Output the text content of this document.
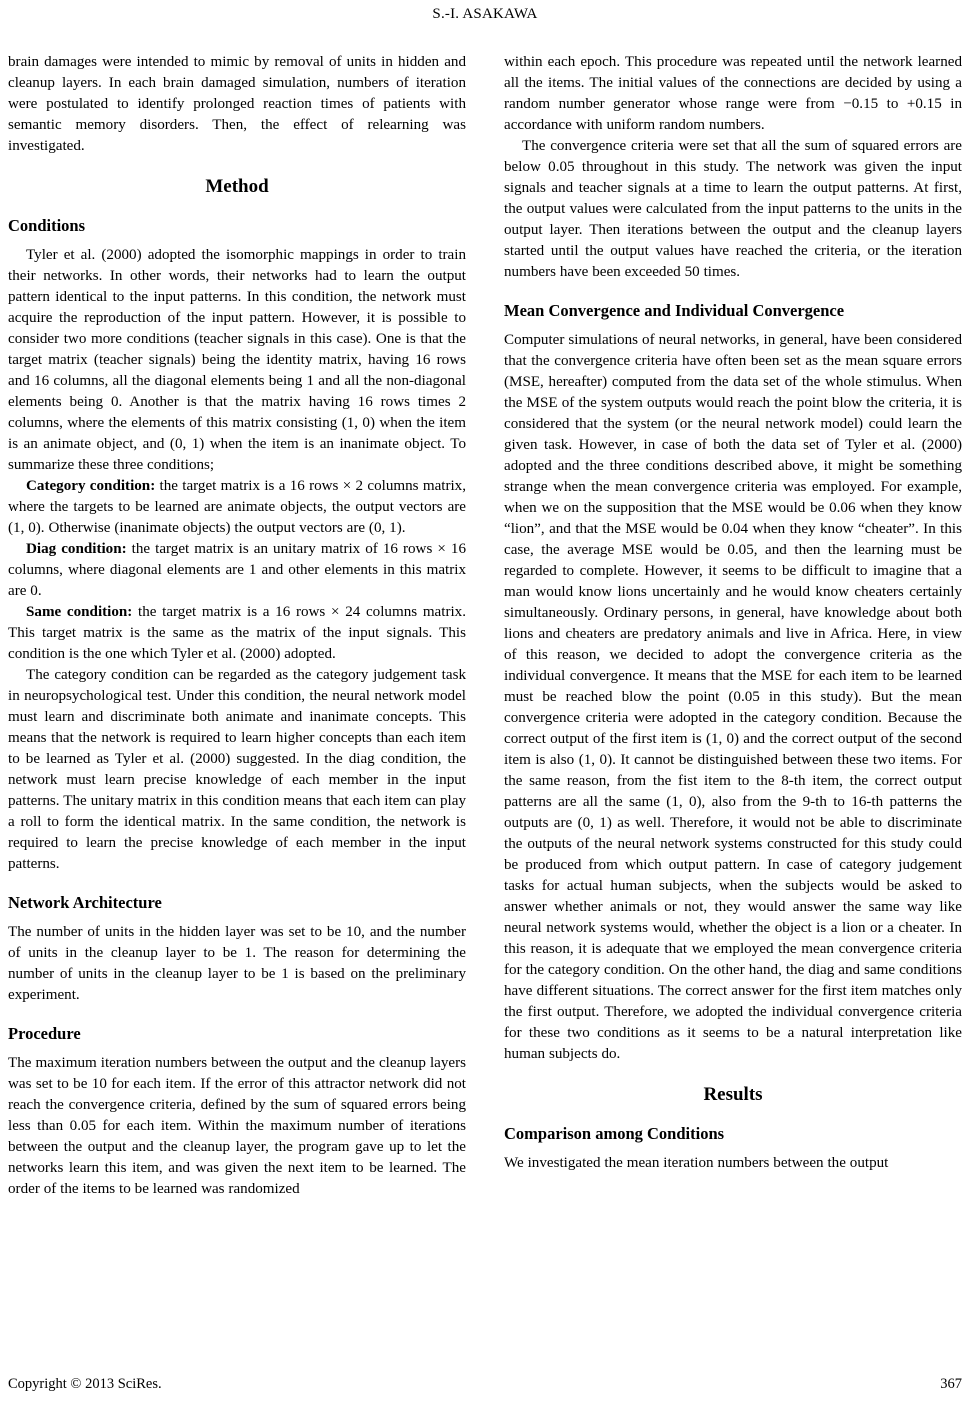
S.-I. ASAKAWA

brain damages were intended to mimic by removal of units in hidden and cleanup layers. In each brain damaged simulation, numbers of iteration were postulated to identify prolonged reaction times of patients with semantic memory disorders. Then, the effect of relearning was investigated.

Method
Conditions

Tyler et al. (2000) adopted the isomorphic mappings in order to train their networks. In other words, their networks had to learn the output pattern identical to the input patterns. In this condition, the network must acquire the reproduction of the input pattern. However, it is possible to consider two more conditions (teacher signals in this case). One is that the target matrix (teacher signals) being the identity matrix, having 16 rows and 16 columns, all the diagonal elements being 1 and all the non-diagonal elements being 0. Another is that the matrix having 16 rows times 2 columns, where the elements of this matrix consisting (1, 0) when the item is an animate object, and (0, 1) when the item is an inanimate object. To summarize these three conditions;

Category condition: the target matrix is a 16 rows × 2 columns matrix, where the targets to be learned are animate objects, the output vectors are (1, 0). Otherwise (inanimate objects) the output vectors are (0, 1).

Diag condition: the target matrix is an unitary matrix of 16 rows × 16 columns, where diagonal elements are 1 and other elements in this matrix are 0.

Same condition: the target matrix is a 16 rows × 24 columns matrix. This target matrix is the same as the matrix of the input signals. This condition is the one which Tyler et al. (2000) adopted.

The category condition can be regarded as the category judgement task in neuropsychological test. Under this condition, the neural network model must learn and discriminate both animate and inanimate concepts. This means that the network is required to learn higher concepts than each item to be learned as Tyler et al. (2000) suggested. In the diag condition, the network must learn precise knowledge of each member in the input patterns. The unitary matrix in this condition means that each item can play a roll to form the identical matrix. In the same condition, the network is required to learn the precise knowledge of each member in the input patterns.

Network Architecture

The number of units in the hidden layer was set to be 10, and the number of units in the cleanup layer to be 1. The reason for determining the number of units in the cleanup layer to be 1 is based on the preliminary experiment.

Procedure

The maximum iteration numbers between the output and the cleanup layers was set to be 10 for each item. If the error of this attractor network did not reach the convergence criteria, defined by the sum of squared errors being less than 0.05 for each item. Within the maximum number of iterations between the output and the cleanup layer, the program gave up to let the networks learn this item, and was given the next item to be learned. The order of the items to be learned was randomized

within each epoch. This procedure was repeated until the network learned all the items. The initial values of the connections are decided by using a random number generator whose range were from −0.15 to +0.15 in accordance with uniform random numbers.

The convergence criteria were set that all the sum of squared errors are below 0.05 throughout in this study. The network was given the input signals and teacher signals at a time to learn the output patterns. At first, the output values were calculated from the input patterns to the units in the output layer. Then iterations between the output and the cleanup layers started until the output values have reached the criteria, or the iteration numbers have been exceeded 50 times.

Mean Convergence and Individual Convergence

Computer simulations of neural networks, in general, have been considered that the convergence criteria have often been set as the mean square errors (MSE, hereafter) computed from the data set of the whole stimulus. When the MSE of the system outputs would reach the point blow the criteria, it is considered that the system (or the neural network model) could learn the given task. However, in case of both the data set of Tyler et al. (2000) adopted and the three conditions described above, it might be something strange when the mean convergence criteria was employed. For example, when we on the supposition that the MSE would be 0.06 when they know “lion”, and that the MSE would be 0.04 when they know “cheater”. In this case, the average MSE would be 0.05, and then the learning must be regarded to complete. However, it seems to be difficult to imagine that a man would know lions uncertainly and he would know cheaters certainly simultaneously. Ordinary persons, in general, have knowledge about both lions and cheaters are predatory animals and live in Africa. Here, in view of this reason, we decided to adopt the convergence criteria as the individual convergence. It means that the MSE for each item to be learned must be reached blow the point (0.05 in this study). But the mean convergence criteria were adopted in the category condition. Because the correct output of the first item is (1, 0) and the correct output of the second item is also (1, 0). It cannot be distinguished between these two items. For the same reason, from the fist item to the 8-th item, the correct output patterns are all the same (1, 0), also from the 9-th to 16-th patterns the outputs are (0, 1) as well. Therefore, it would not be able to discriminate the outputs of the neural network systems constructed for this study could be produced from which output pattern. In case of category judgement tasks for actual human subjects, when the subjects would be asked to answer whether animals or not, they would answer the same way like neural network systems would, whether the object is a lion or a cheater. In this reason, it is adequate that we employed the mean convergence criteria for the category condition. On the other hand, the diag and same conditions have different situations. The correct answer for the first item matches only the first output. Therefore, we adopted the individual convergence criteria for these two conditions as it seems to be a natural interpretation like human subjects do.

Results
Comparison among Conditions

We investigated the mean iteration numbers between the output

Copyright © 2013 SciRes.	367
